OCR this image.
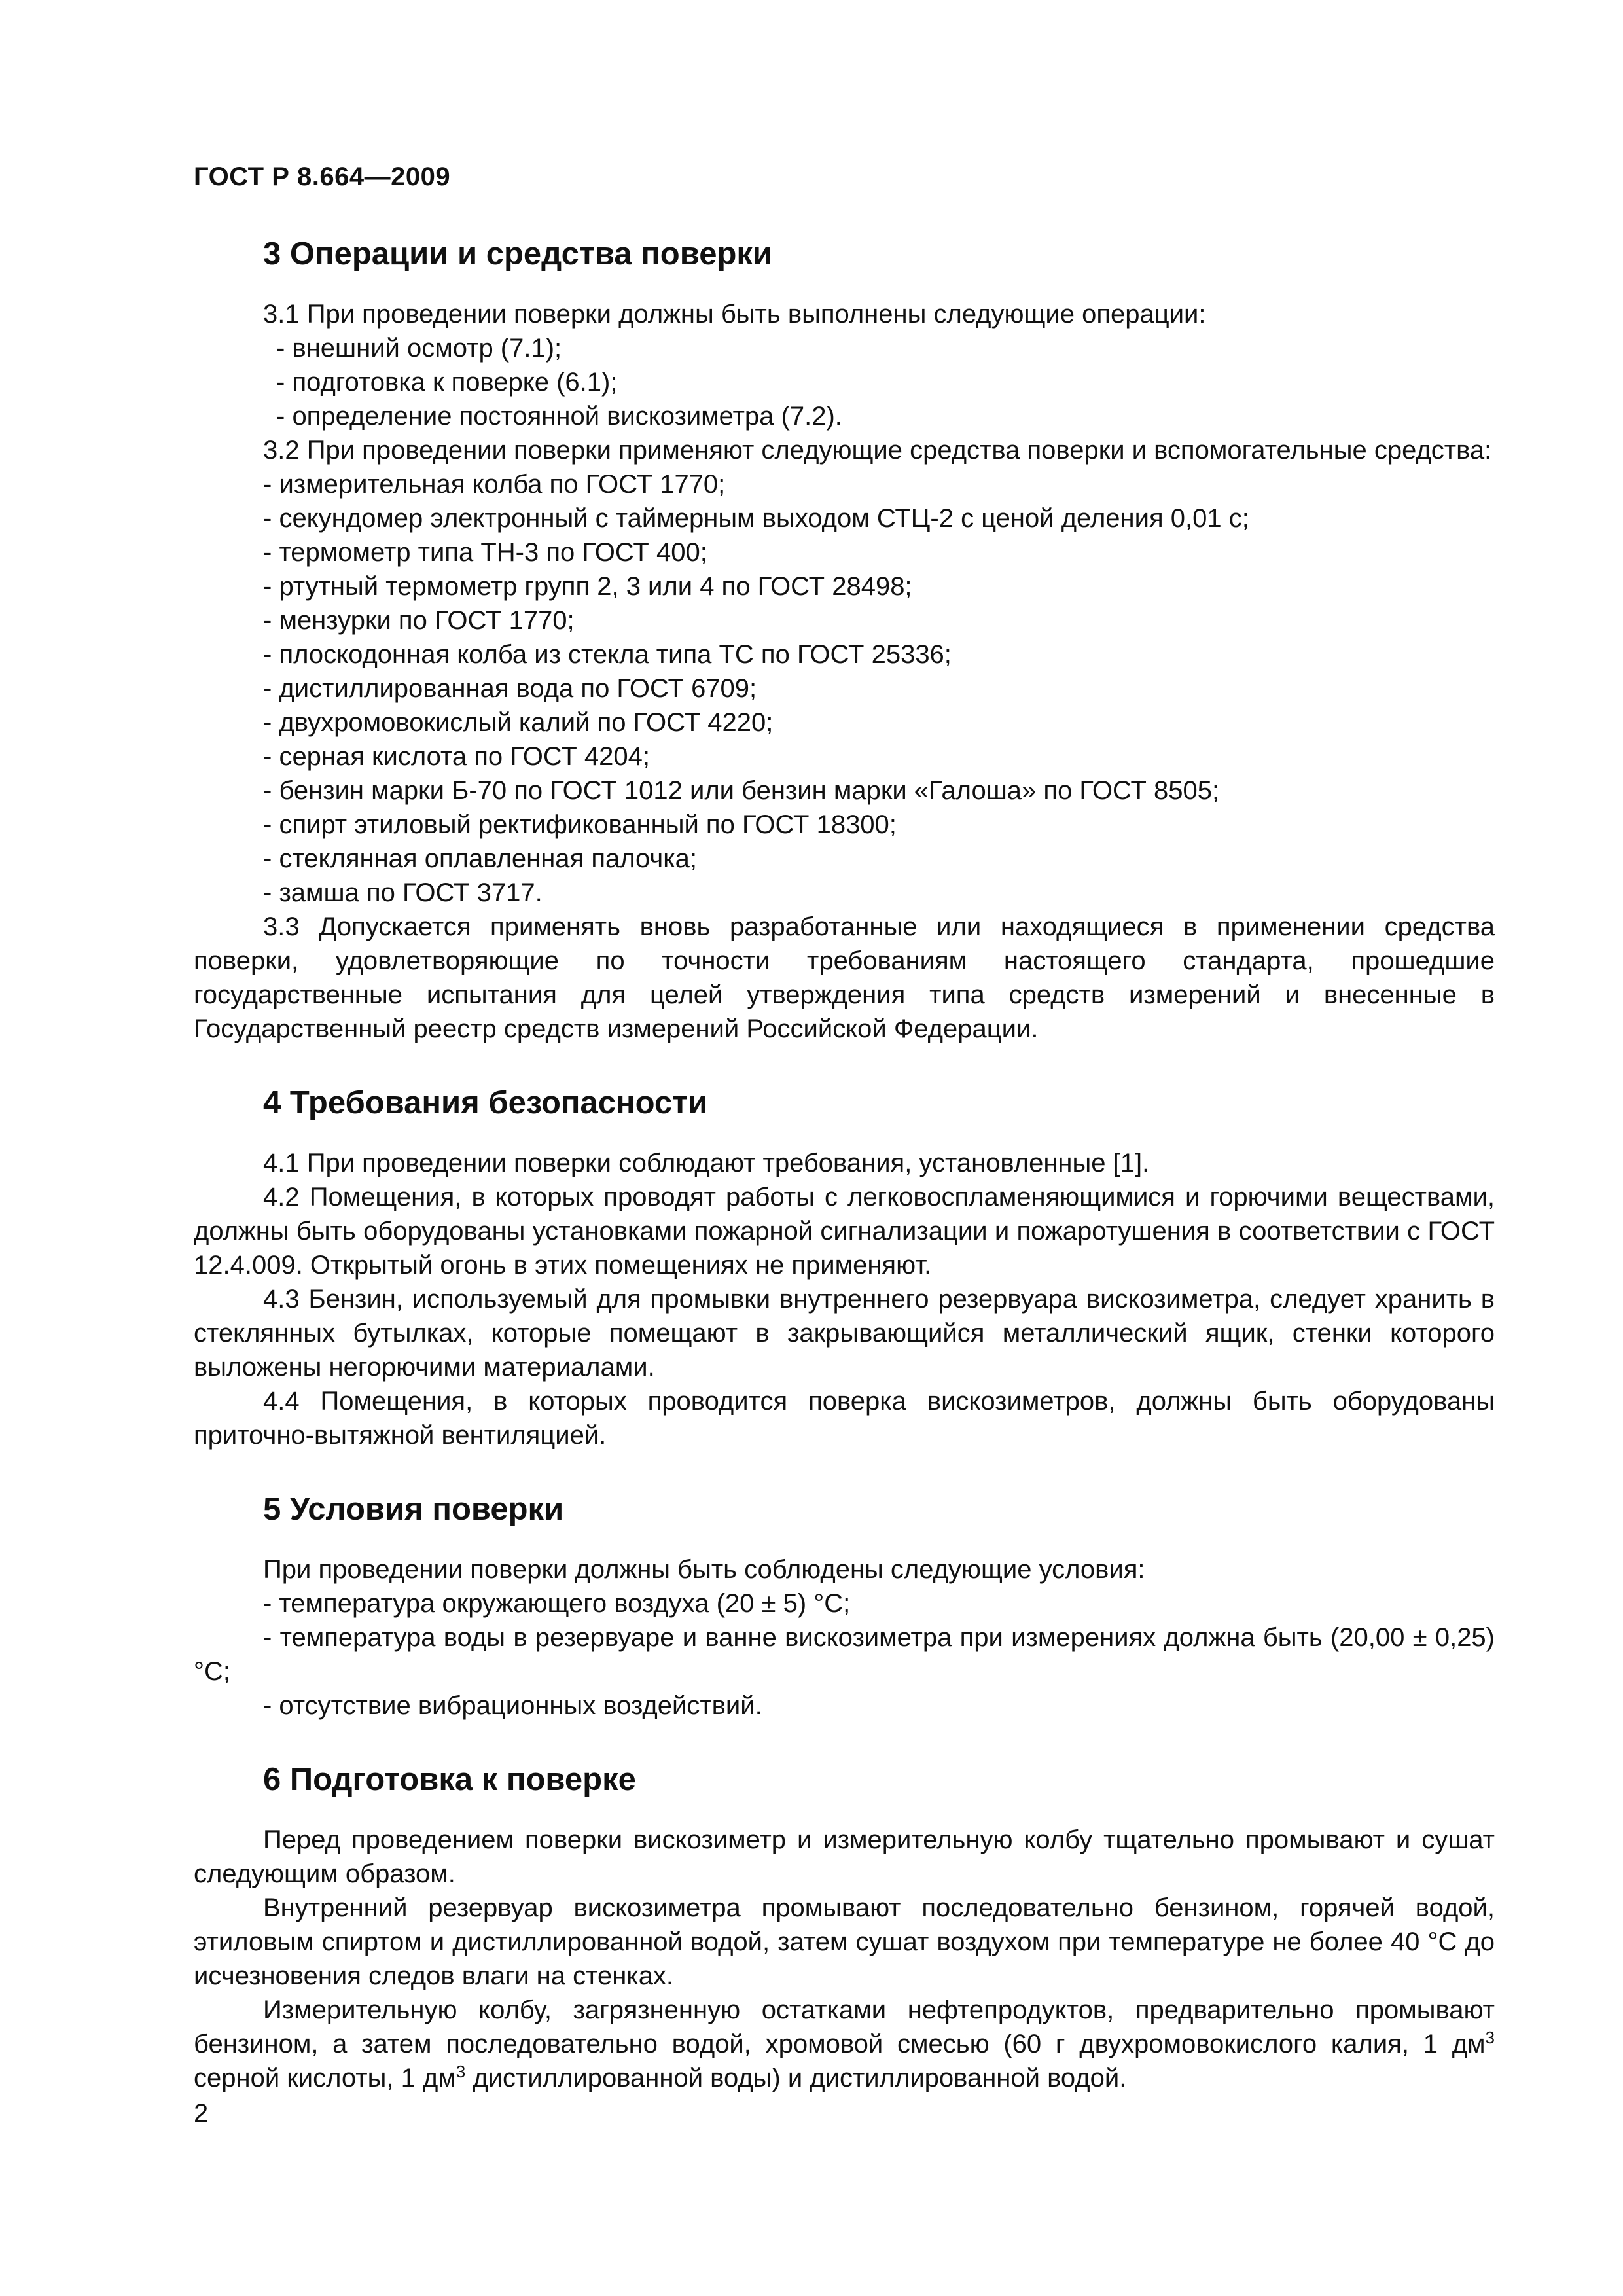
ГОСТ Р 8.664—2009
3 Операции и средства поверки

3.1 При проведении поверки должны быть выполнены следующие операции:

- внешний осмотр (7.1);
- подготовка к поверке (6.1);
- определение постоянной вискозиметра (7.2).

3.2 При проведении поверки применяют следующие средства поверки и вспомогательные средства:

- измерительная колба по ГОСТ 1770;
- секундомер электронный с таймерным выходом СТЦ-2 с ценой деления 0,01 с;
- термометр типа ТН-3 по ГОСТ 400;
- ртутный термометр групп 2, 3 или 4 по ГОСТ 28498;
- мензурки по ГОСТ 1770;
- плоскодонная колба из стекла типа ТС по ГОСТ 25336;
- дистиллированная вода по ГОСТ 6709;
- двухромовокислый калий по ГОСТ 4220;
- серная кислота по ГОСТ 4204;
- бензин марки Б-70 по ГОСТ 1012 или бензин марки «Галоша» по ГОСТ 8505;
- спирт этиловый ректификованный по ГОСТ 18300;
- стеклянная оплавленная палочка;
- замша по ГОСТ 3717.

3.3 Допускается применять вновь разработанные или находящиеся в применении средства поверки, удовлетворяющие по точности требованиям настоящего стандарта, прошедшие государственные испытания для целей утверждения типа средств измерений и внесенные в Государственный реестр средств измерений Российской Федерации.

4 Требования безопасности

4.1 При проведении поверки соблюдают требования, установленные [1].

4.2 Помещения, в которых проводят работы с легковоспламеняющимися и горючими веществами, должны быть оборудованы установками пожарной сигнализации и пожаротушения в соответствии с ГОСТ 12.4.009. Открытый огонь в этих помещениях не применяют.

4.3 Бензин, используемый для промывки внутреннего резервуара вискозиметра, следует хранить в стеклянных бутылках, которые помещают в закрывающийся металлический ящик, стенки которого выложены негорючими материалами.

4.4 Помещения, в которых проводится поверка вискозиметров, должны быть оборудованы приточно-вытяжной вентиляцией.

5 Условия поверки

При проведении поверки должны быть соблюдены следующие условия:

- температура окружающего воздуха (20 ± 5) °С;

- температура воды в резервуаре и ванне вискозиметра при измерениях должна быть (20,00 ± 0,25) °С;

- отсутствие вибрационных воздействий.

6 Подготовка к поверке

Перед проведением поверки вискозиметр и измерительную колбу тщательно промывают и сушат следующим образом.

Внутренний резервуар вискозиметра промывают последовательно бензином, горячей водой, этиловым спиртом и дистиллированной водой, затем сушат воздухом при температуре не более 40 °С до исчезновения следов влаги на стенках.

Измерительную колбу, загрязненную остатками нефтепродуктов, предварительно промывают бензином, а затем последовательно водой, хромовой смесью (60 г двухромовокислого калия, 1 $дм^3$ серной кислоты, 1 $дм^3$ дистиллированной воды) и дистиллированной водой.

2
